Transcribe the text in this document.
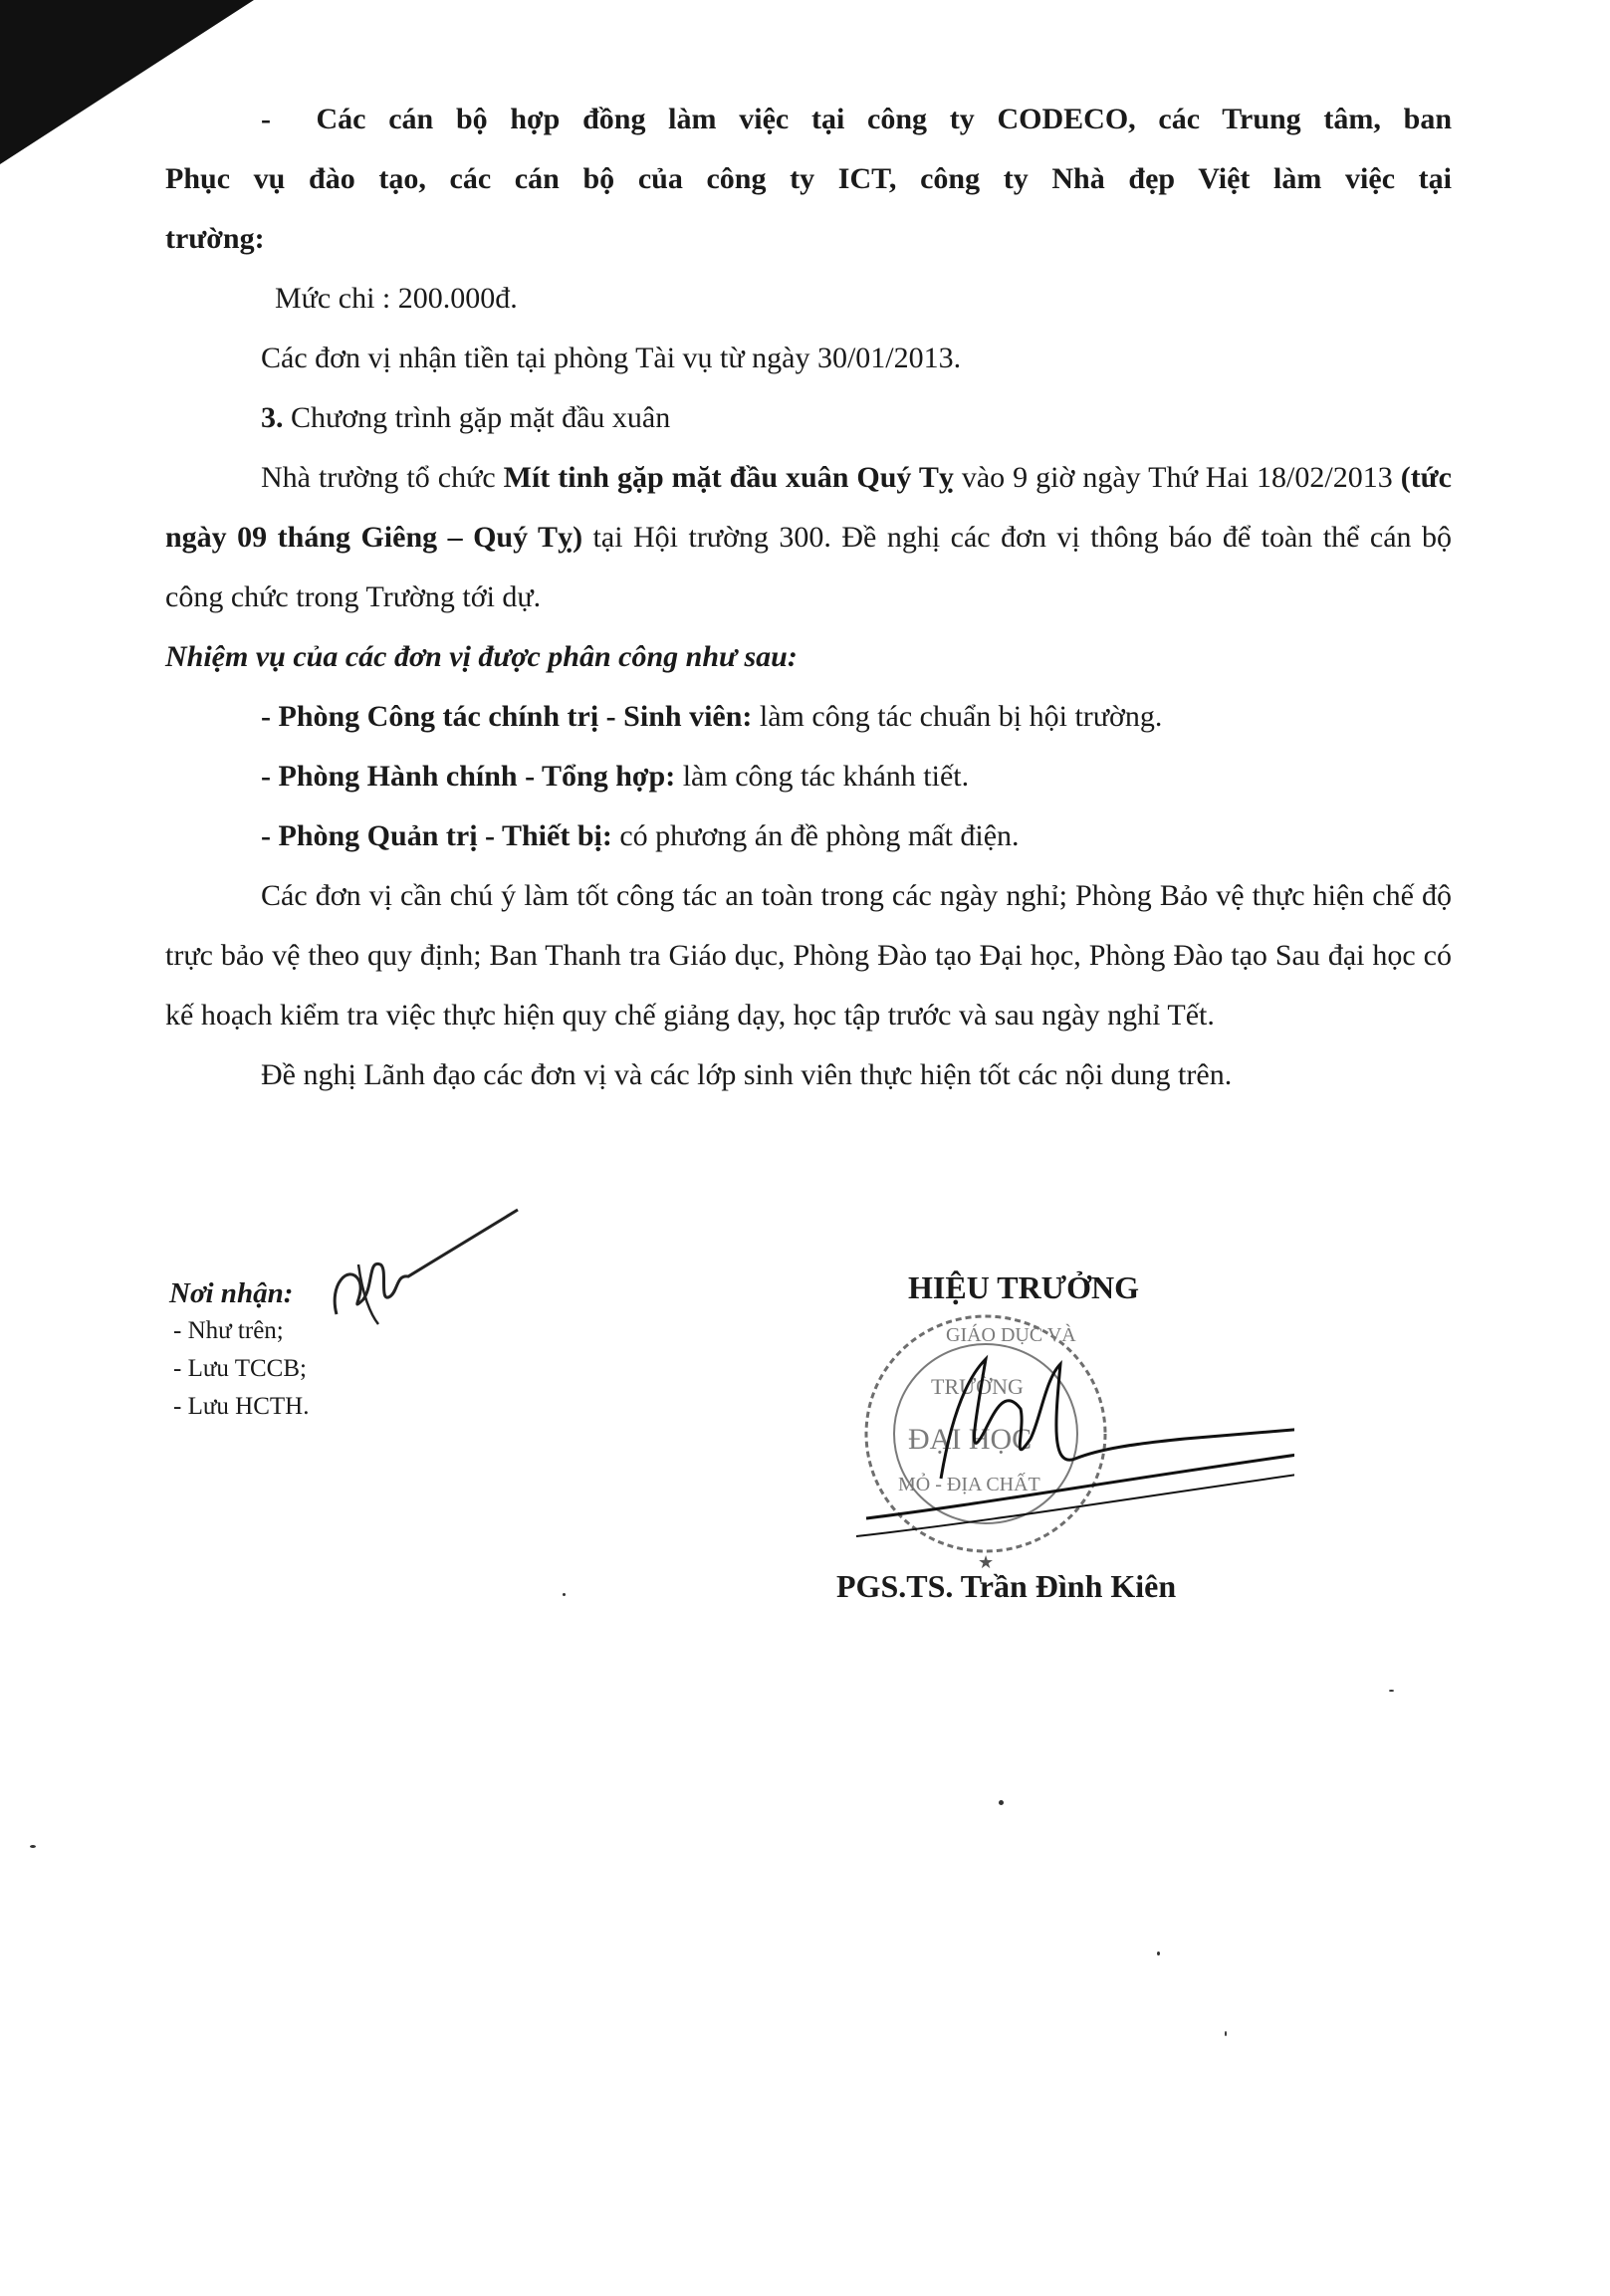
- Các cán bộ hợp đồng làm việc tại công ty CODECO, các Trung tâm, ban
Phục vụ đào tạo, các cán bộ của công ty ICT, công ty Nhà đẹp Việt làm việc tại
trường:

Mức chi : 200.000đ.

Các đơn vị nhận tiền tại phòng Tài vụ từ ngày 30/01/2013.

3. Chương trình gặp mặt đầu xuân

Nhà trường tổ chức Mít tinh gặp mặt đầu xuân Quý Tỵ vào 9 giờ ngày Thứ Hai 18/02/2013 (tức ngày 09 tháng Giêng – Quý Tỵ) tại Hội trường 300. Đề nghị các đơn vị thông báo để toàn thể cán bộ công chức trong Trường tới dự.

Nhiệm vụ của các đơn vị được phân công như sau:

- Phòng Công tác chính trị - Sinh viên: làm công tác chuẩn bị hội trường.

- Phòng Hành chính - Tổng hợp: làm công tác khánh tiết.

- Phòng Quản trị - Thiết bị: có phương án đề phòng mất điện.

Các đơn vị cần chú ý làm tốt công tác an toàn trong các ngày nghỉ; Phòng Bảo vệ thực hiện chế độ trực bảo vệ theo quy định; Ban Thanh tra Giáo dục, Phòng Đào tạo Đại học, Phòng Đào tạo Sau đại học có kế hoạch kiểm tra việc thực hiện quy chế giảng dạy, học tập trước và sau ngày nghỉ Tết.

Đề nghị Lãnh đạo các đơn vị và các lớp sinh viên thực hiện tốt các nội dung trên.

Nơi nhận:
- Như trên;
- Lưu TCCB;
- Lưu HCTH.
GIÁO DỤC VÀ
TRƯỜNG
ĐẠI HỌC
MỎ - ĐỊA CHẤT
★
HIỆU TRƯỞNG
PGS.TS. Trần Đình Kiên
